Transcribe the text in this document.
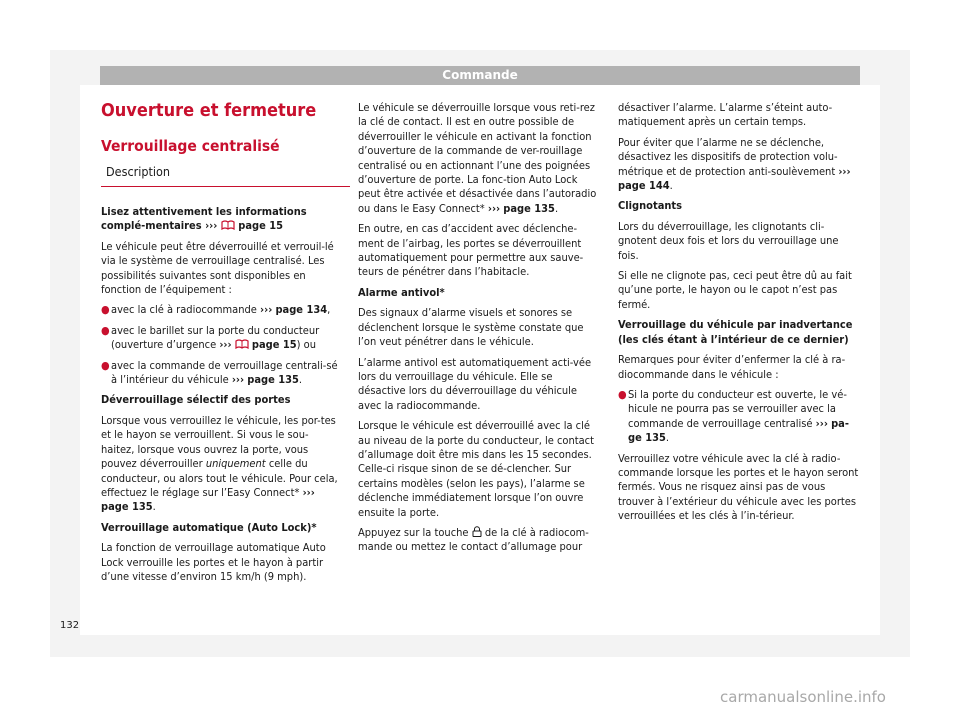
Commande
Ouverture et fermeture
Verrouillage centralisé
Description

Lisez attentivement les informations complé-mentaires ››› page 15

Le véhicule peut être déverrouillé et verrouil-lé via le système de verrouillage centralisé. Les possibilités suivantes sont disponibles en fonction de l’équipement :

● avec la clé à radiocommande ››› page 134,

● avec le barillet sur la porte du conducteur (ouverture d’urgence ››› page 15) ou

● avec la commande de verrouillage centrali-sé à l’intérieur du véhicule ››› page 135.

Déverrouillage sélectif des portes

Lorsque vous verrouillez le véhicule, les por-tes et le hayon se verrouillent. Si vous le sou-haitez, lorsque vous ouvrez la porte, vous pouvez déverrouiller uniquement celle du conducteur, ou alors tout le véhicule. Pour cela, effectuez le réglage sur l’Easy Connect* ››› page 135.

Verrouillage automatique (Auto Lock)*

La fonction de verrouillage automatique Auto Lock verrouille les portes et le hayon à partir d’une vitesse d’environ 15 km/h (9 mph).

Le véhicule se déverrouille lorsque vous reti-rez la clé de contact. Il est en outre possible de déverrouiller le véhicule en activant la fonction d’ouverture de la commande de ver-rouillage centralisé ou en actionnant l’une des poignées d’ouverture de porte. La fonc-tion Auto Lock peut être activée et désactivée dans l’autoradio ou dans le Easy Connect* ››› page 135.

En outre, en cas d’accident avec déclenche-ment de l’airbag, les portes se déverrouillent automatiquement pour permettre aux sauve-teurs de pénétrer dans l’habitacle.

Alarme antivol*

Des signaux d’alarme visuels et sonores se déclenchent lorsque le système constate que l’on veut pénétrer dans le véhicule.

L’alarme antivol est automatiquement acti-vée lors du verrouillage du véhicule. Elle se désactive lors du déverrouillage du véhicule avec la radiocommande.

Lorsque le véhicule est déverrouillé avec la clé au niveau de la porte du conducteur, le contact d’allumage doit être mis dans les 15 secondes. Celle-ci risque sinon de se dé-clencher. Sur certains modèles (selon les pays), l’alarme se déclenche immédiatement lorsque l’on ouvre ensuite la porte.

Appuyez sur la touche de la clé à radiocom-mande ou mettez le contact d’allumage pour

désactiver l’alarme. L’alarme s’éteint auto-matiquement après un certain temps.

Pour éviter que l’alarme ne se déclenche, désactivez les dispositifs de protection volu-métrique et de protection anti-soulèvement ››› page 144.

Clignotants

Lors du déverrouillage, les clignotants cli-gnotent deux fois et lors du verrouillage une fois.

Si elle ne clignote pas, ceci peut être dû au fait qu’une porte, le hayon ou le capot n’est pas fermé.

Verrouillage du véhicule par inadvertance (les clés étant à l’intérieur de ce dernier)

Remarques pour éviter d’enfermer la clé à ra-diocommande dans le véhicule :

● Si la porte du conducteur est ouverte, le vé-hicule ne pourra pas se verrouiller avec la commande de verrouillage centralisé ››› pa-ge 135.

Verrouillez votre véhicule avec la clé à radio-commande lorsque les portes et le hayon seront fermés. Vous ne risquez ainsi pas de vous trouver à l’extérieur du véhicule avec les portes verrouillées et les clés à l’in-térieur.

132
carmanualsonline.info
